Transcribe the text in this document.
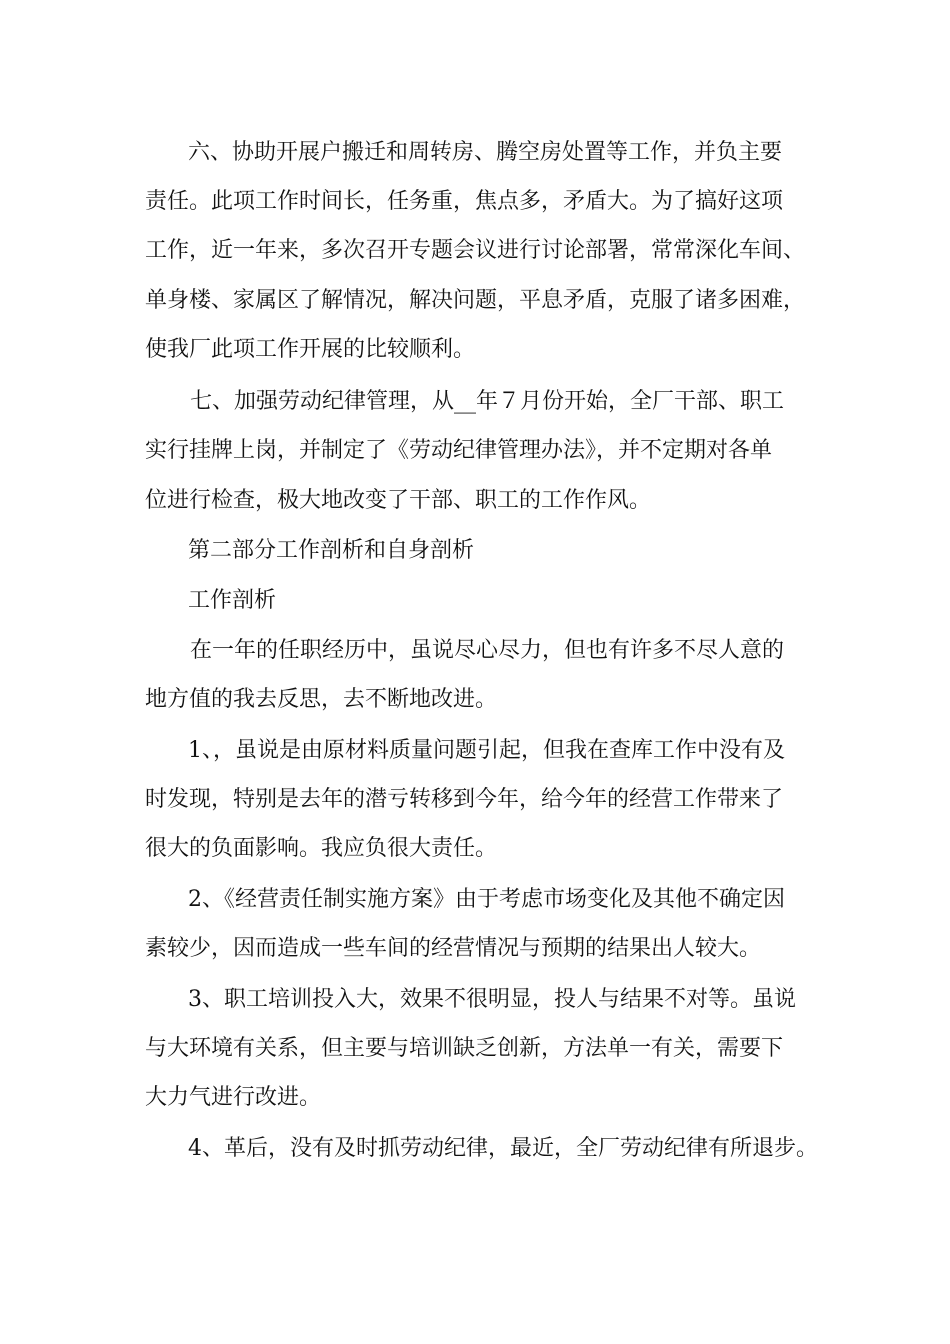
六、协助开展户搬迁和周转房、腾空房处置等工作，并负主要
责任。此项工作时间长，任务重，焦点多，矛盾大。为了搞好这项
工作，近一年来，多次召开专题会议进行讨论部署，常常深化车间、
单身楼、家属区了解情况，解决问题，平息矛盾，克服了诸多困难，
使我厂此项工作开展的比较顺利。
七、加强劳动纪律管理，从__年７月份开始，全厂干部、职工
实行挂牌上岗，并制定了《劳动纪律管理办法》，并不定期对各单
位进行检查，极大地改变了干部、职工的工作作风。
第二部分工作剖析和自身剖析
工作剖析
在一年的任职经历中，虽说尽心尽力，但也有许多不尽人意的
地方值的我去反思，去不断地改进。
1、，虽说是由原材料质量问题引起，但我在查库工作中没有及
时发现，特别是去年的潜亏转移到今年，给今年的经营工作带来了
很大的负面影响。我应负很大责任。
2、《经营责任制实施方案》由于考虑市场变化及其他不确定因
素较少，因而造成一些车间的经营情况与预期的结果出人较大。
3、职工培训投入大，效果不很明显，投人与结果不对等。虽说
与大环境有关系，但主要与培训缺乏创新，方法单一有关，需要下
大力气进行改进。
4、革后，没有及时抓劳动纪律，最近，全厂劳动纪律有所退步。
